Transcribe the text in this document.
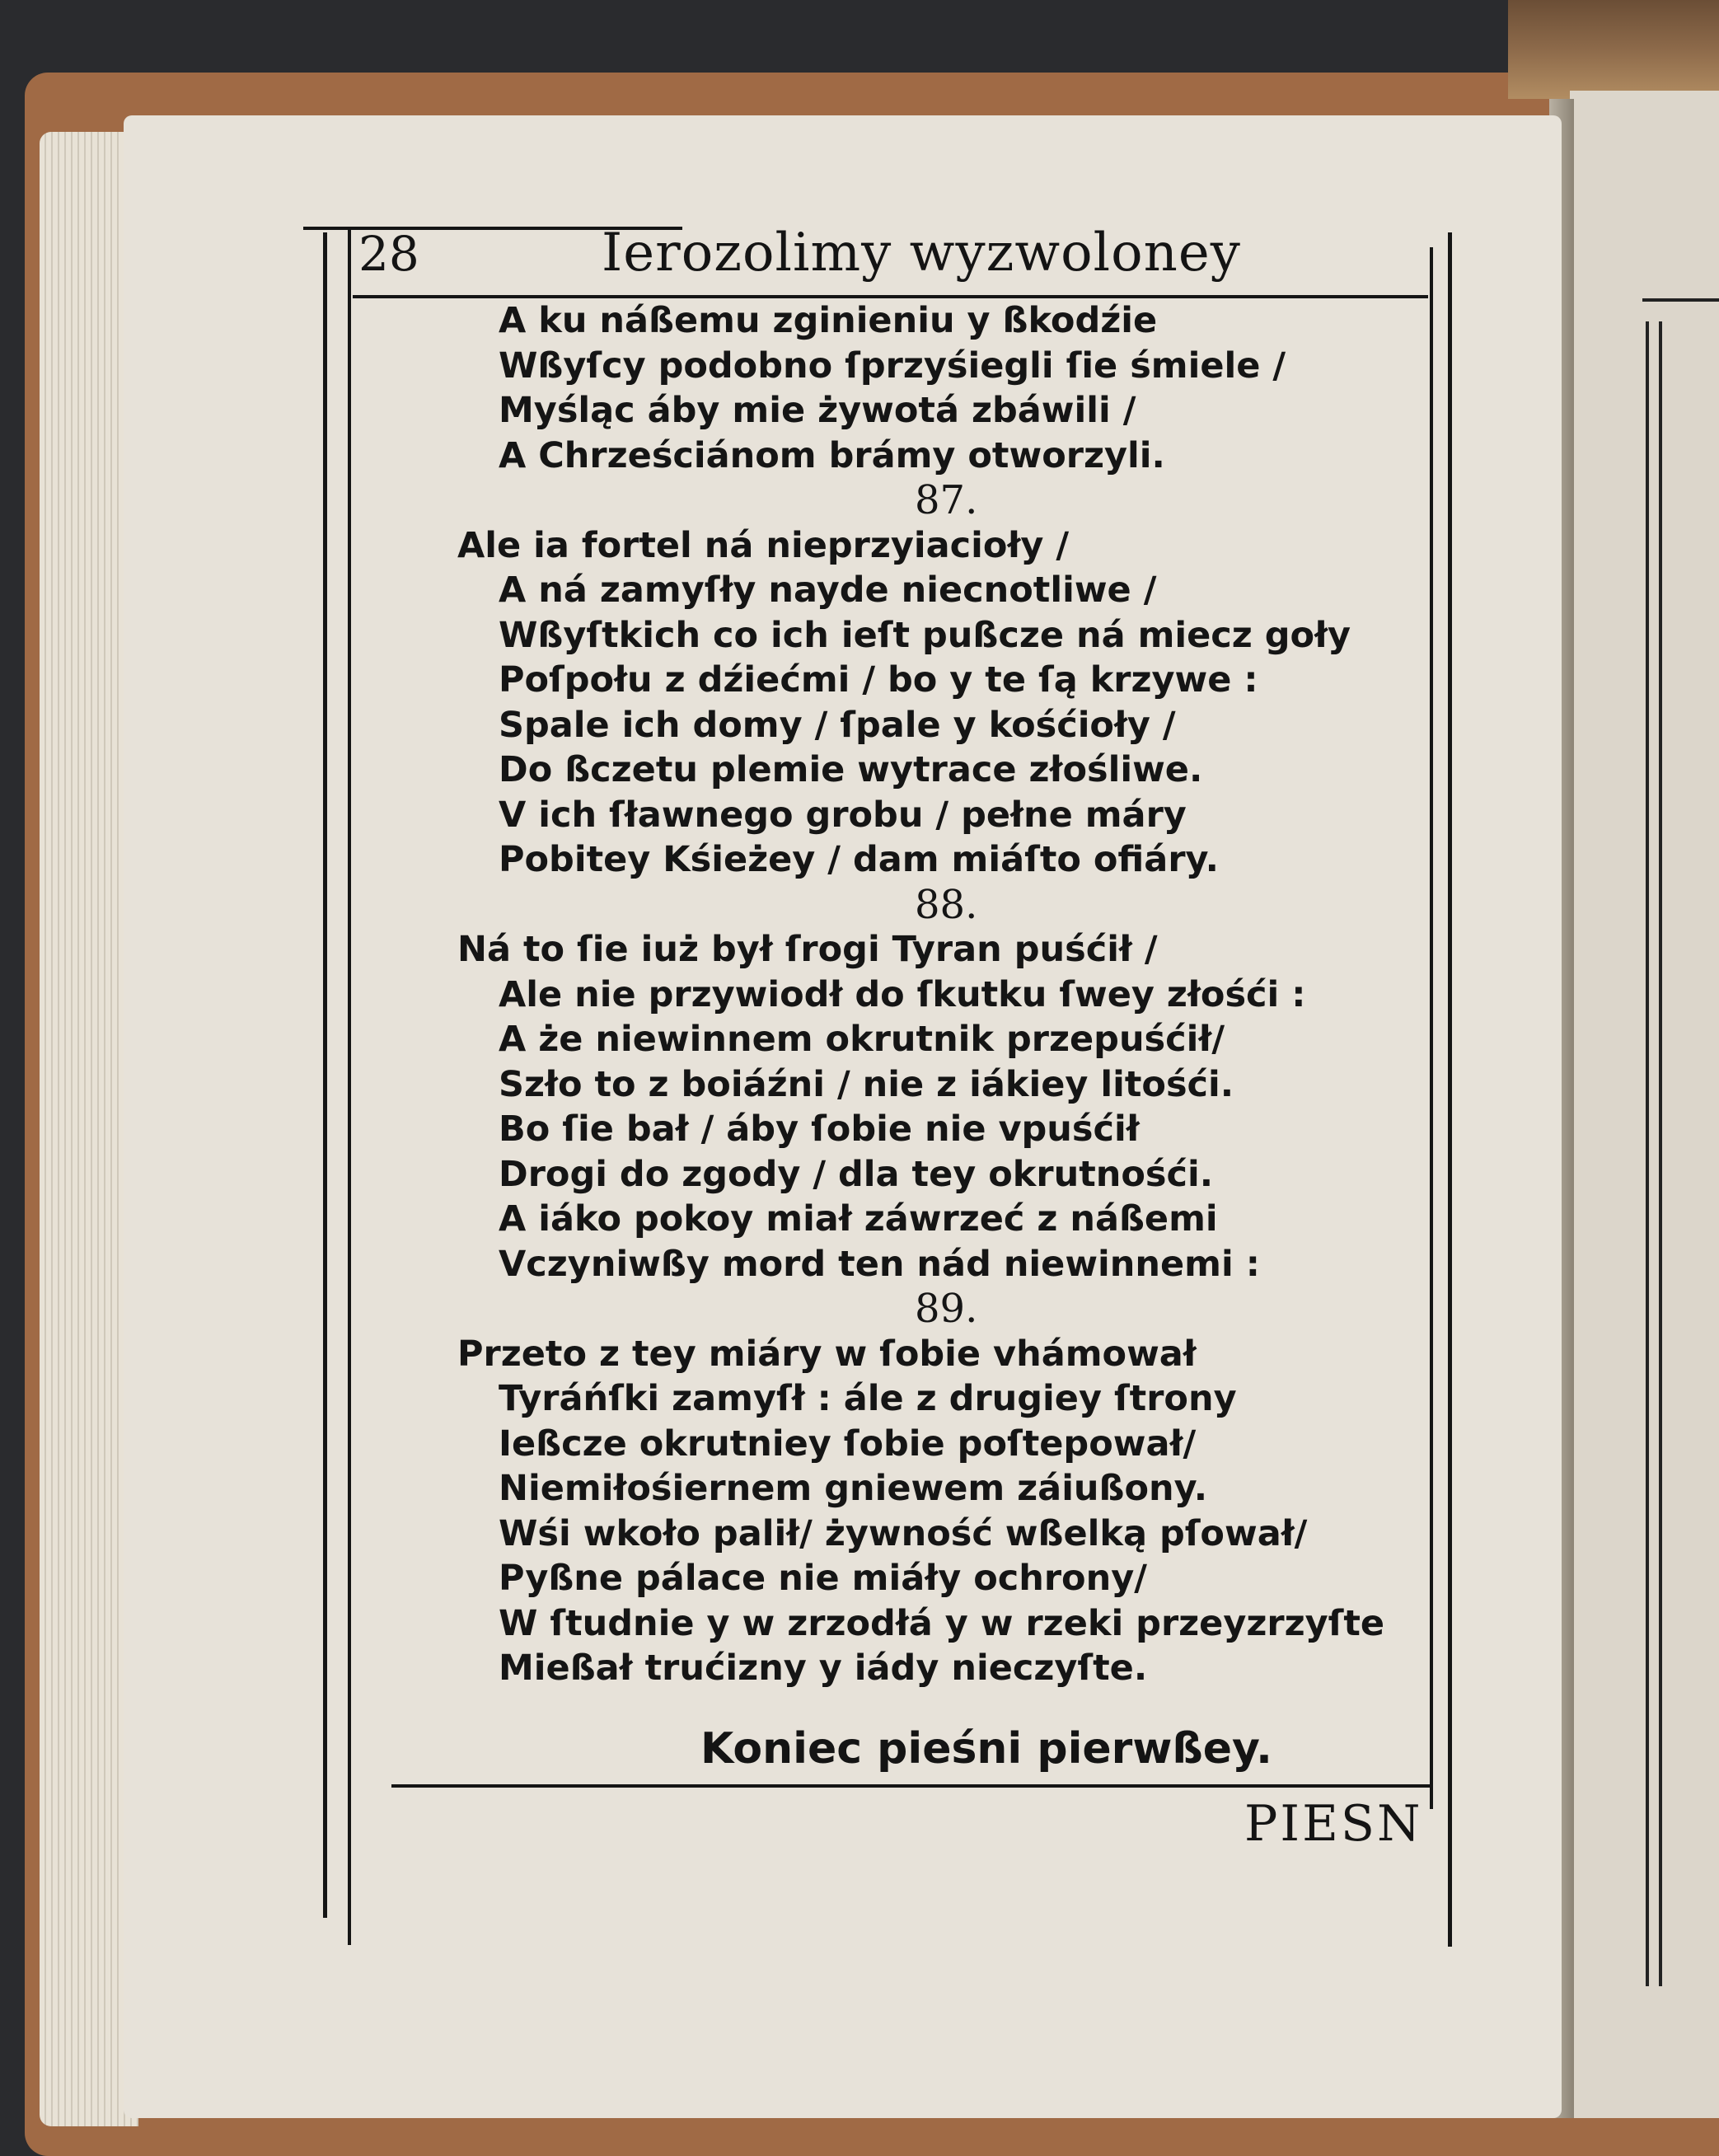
28	Ierozolimy wyzwoloney
A ku náßemu zginieniu y ßkodźie
Wßyſcy podobno ſprzyśiegli ſie śmiele /
Myśląc áby mie żywotá zbáwili /
A Chrześciánom brámy otworzyli.
87.
Ale ia fortel ná nieprzyiacioły /
A ná zamyſły nayde niecnotliwe /
Wßyſtkich co ich ieſt pußcze ná miecz goły
Poſpołu z dźiećmi / bo y te ſą krzywe :
Spale ich domy / ſpale y kośćioły /
Do ßczetu plemie wytrace złośliwe.
V ich ſławnego grobu / pełne máry
Pobitey Kśieżey / dam miáſto ofiáry.
88.
Ná to ſie iuż był ſrogi Tyran puśćił /
Ale nie przywiodł do ſkutku ſwey złośći :
A że niewinnem okrutnik przepuśćił/
Szło to z boiáźni / nie z iákiey litośći.
Bo ſie bał / áby ſobie nie vpuśćił
Drogi do zgody / dla tey okrutnośći.
A iáko pokoy miał záwrzeć z náßemi
Vczyniwßy mord ten nád niewinnemi :
89.
Przeto z tey miáry w ſobie vhámował
Tyráńſki zamyſł : ále z drugiey ſtrony
Ießcze okrutniey ſobie poſtepował/
Niemiłośiernem gniewem záiußony.
Wśi wkoło palił/ żywność wßelką pſował/
Pyßne pálace nie miáły ochrony/
W ſtudnie y w zrzodłá y w rzeki przeyzrzyſte
Mießał trućizny y iády nieczyſte.
Koniec pieśni pierwßey.
PIESN
